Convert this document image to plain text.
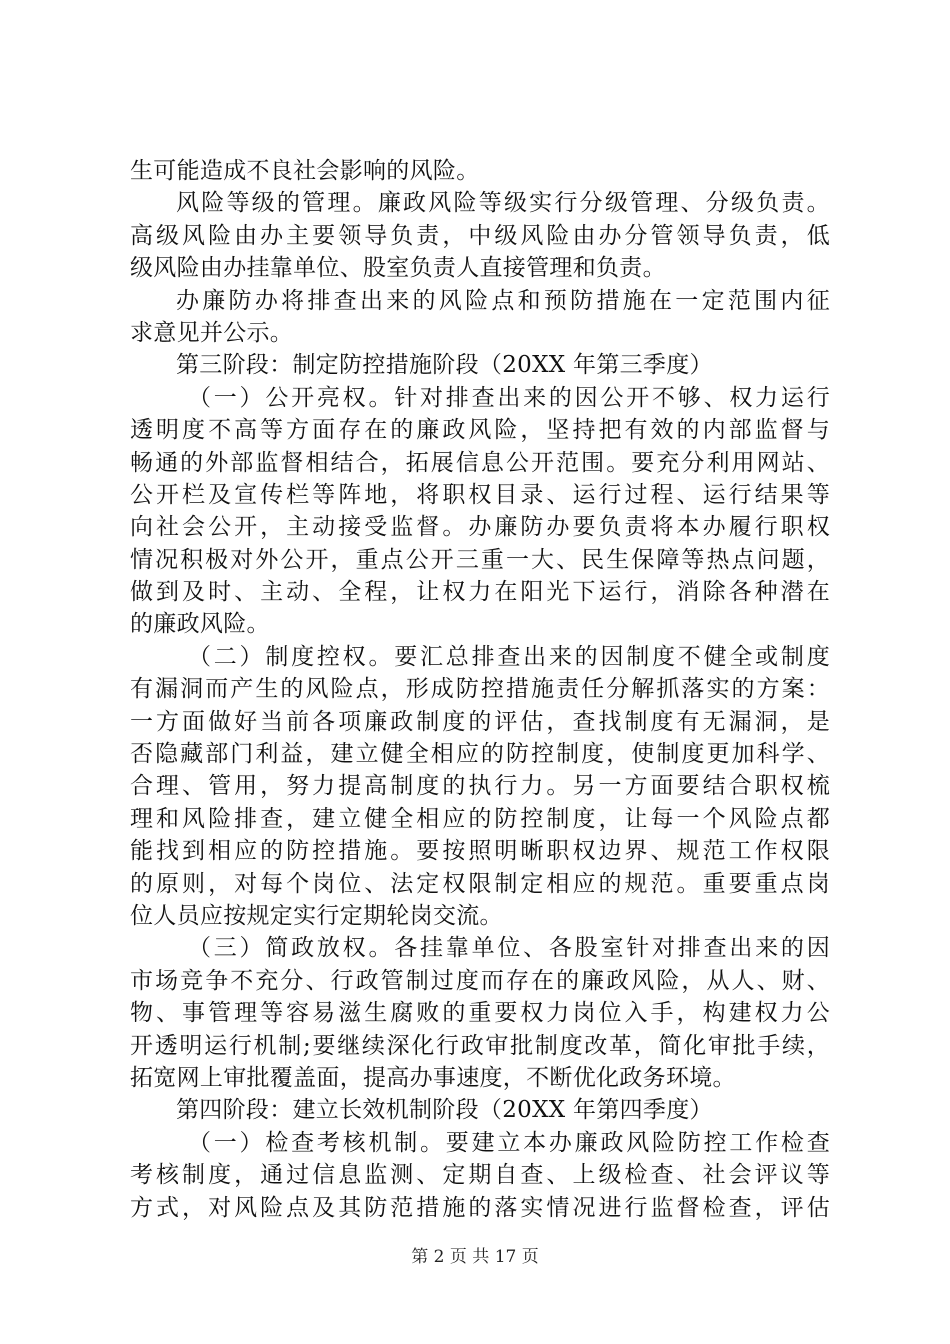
生可能造成不良社会影响的风险。
风险等级的管理。廉政风险等级实行分级管理、分级负责。
高级风险由办主要领导负责，中级风险由办分管领导负责，低
级风险由办挂靠单位、股室负责人直接管理和负责。
办廉防办将排查出来的风险点和预防措施在一定范围内征
求意见并公示。
第三阶段：制定防控措施阶段（20XX 年第三季度）
（一）公开亮权。针对排查出来的因公开不够、权力运行
透明度不高等方面存在的廉政风险，坚持把有效的内部监督与
畅通的外部监督相结合，拓展信息公开范围。要充分利用网站、
公开栏及宣传栏等阵地，将职权目录、运行过程、运行结果等
向社会公开，主动接受监督。办廉防办要负责将本办履行职权
情况积极对外公开，重点公开三重一大、民生保障等热点问题，
做到及时、主动、全程，让权力在阳光下运行，消除各种潜在
的廉政风险。
（二）制度控权。要汇总排查出来的因制度不健全或制度
有漏洞而产生的风险点，形成防控措施责任分解抓落实的方案：
一方面做好当前各项廉政制度的评估，查找制度有无漏洞，是
否隐藏部门利益，建立健全相应的防控制度，使制度更加科学、
合理、管用，努力提高制度的执行力。另一方面要结合职权梳
理和风险排查，建立健全相应的防控制度，让每一个风险点都
能找到相应的防控措施。要按照明晰职权边界、规范工作权限
的原则，对每个岗位、法定权限制定相应的规范。重要重点岗
位人员应按规定实行定期轮岗交流。
（三）简政放权。各挂靠单位、各股室针对排查出来的因
市场竞争不充分、行政管制过度而存在的廉政风险，从人、财、
物、事管理等容易滋生腐败的重要权力岗位入手，构建权力公
开透明运行机制;要继续深化行政审批制度改革，简化审批手续，
拓宽网上审批覆盖面，提高办事速度，不断优化政务环境。
第四阶段：建立长效机制阶段（20XX 年第四季度）
（一）检查考核机制。要建立本办廉政风险防控工作检查
考核制度，通过信息监测、定期自查、上级检查、社会评议等
方式，对风险点及其防范措施的落实情况进行监督检查，评估
第 2 页 共 17 页
